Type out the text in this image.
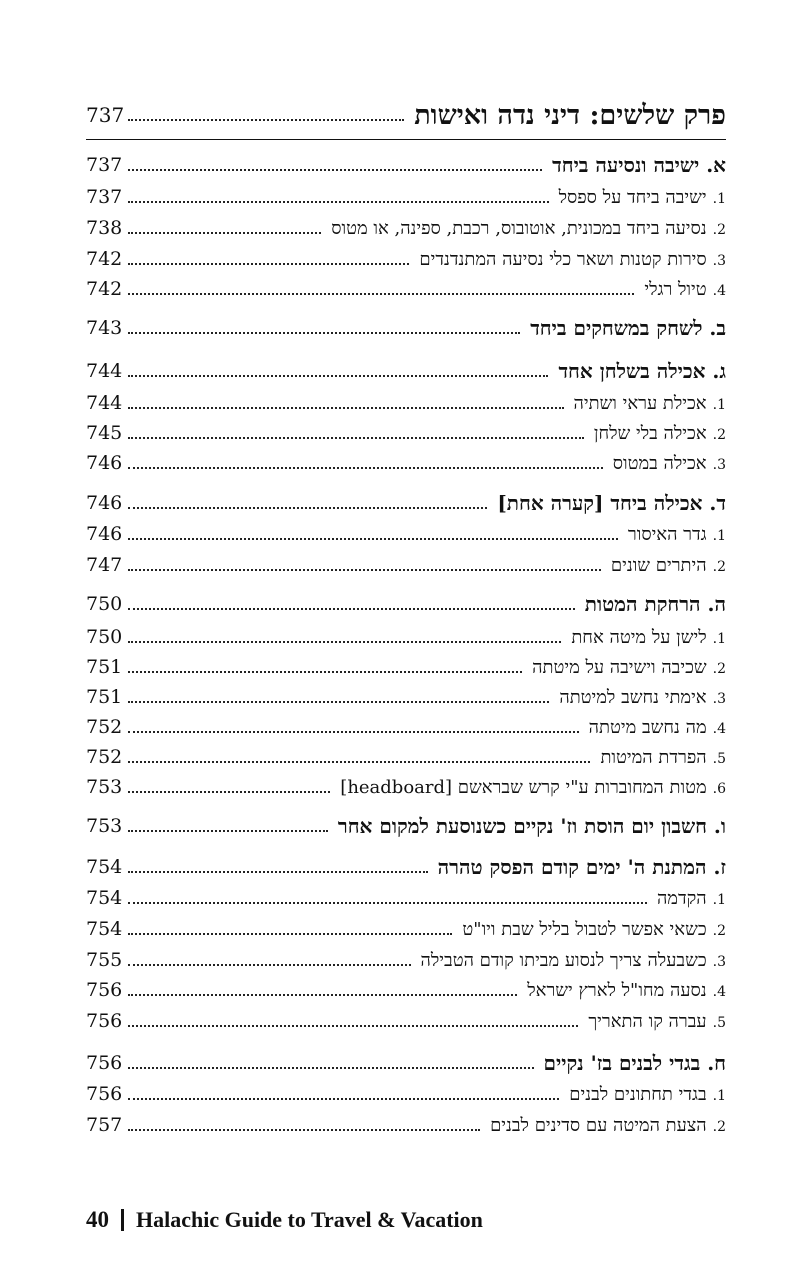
737	פרק שלשים: דיני נדה ואישות
737	א. ישיבה ונסיעה ביחד
737	1.ישיבה ביחד על ספסל
738	2.נסיעה ביחד במכונית, אוטובוס, רכבת, ספינה, או מטוס
742	3.סירות קטנות ושאר כלי נסיעה המתנדנדים
742	4.טיול רגלי
743	ב. לשחק במשחקים ביחד
744	ג. אכילה בשלחן אחד
744	1.אכילת עראי ושתיה
745	2.אכילה בלי שלחן
746	3.אכילה במטוס
746	ד. אכילה ביחד [קערה אחת]
746	1.גדר האיסור
747	2.היתרים שונים
750	ה. הרחקת המטות
750	1.לישן על מיטה אחת
751	2.שכיבה וישיבה על מיטתה
751	3.אימתי נחשב למיטתה
752	4.מה נחשב מיטתה
752	5.הפרדת המיטות
753	6.מטות המחוברות ע"י קרש שבראשם [headboard]
753	ו. חשבון יום הוסת וז' נקיים כשנוסעת למקום אחר
754	ז. המתנת ה' ימים קודם הפסק טהרה
754	1.הקדמה
754	2.כשאי אפשר לטבול בליל שבת ויו"ט
755	3.כשבעלה צריך לנסוע מביתו קודם הטבילה
756	4.נסעה מחו"ל לארץ ישראל
756	5.עברה קו התאריך
756	ח. בגדי לבנים בז' נקיים
756	1.בגדי תחתונים לבנים
757	2.הצעת המיטה עם סדינים לבנים
40 Halachic Guide to Travel & Vacation
